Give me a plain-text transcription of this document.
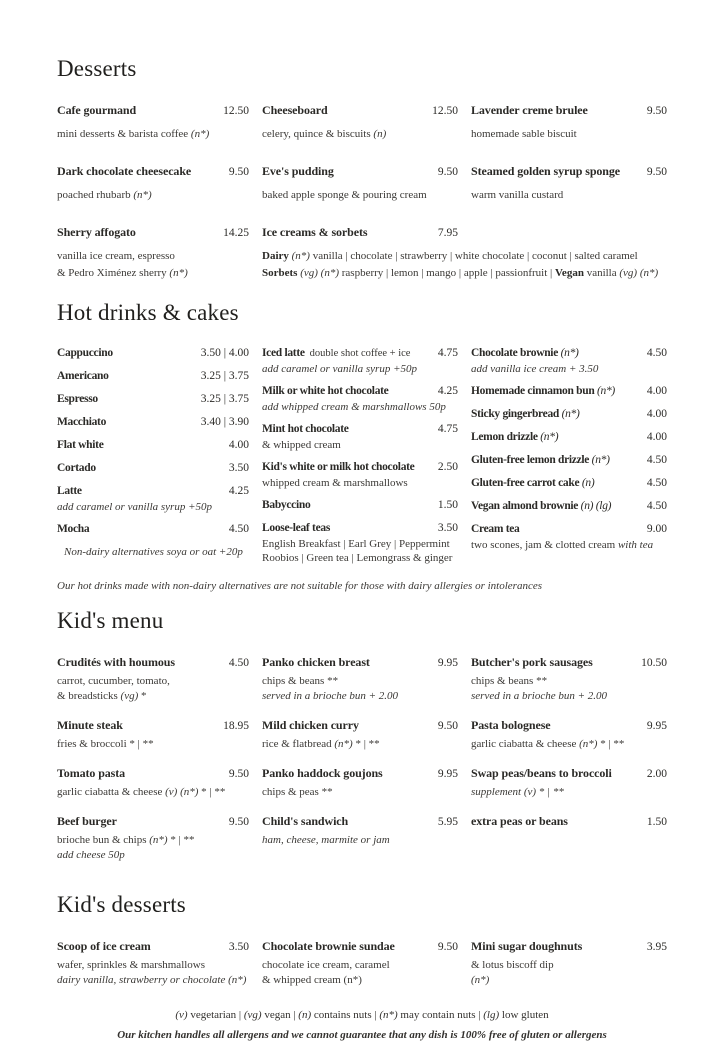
Desserts
Cafe gourmand	12.50
mini desserts & barista coffee (n*)
Cheeseboard	12.50
celery, quince & biscuits (n)
Lavender creme brulee	9.50
homemade sable biscuit
Dark chocolate cheesecake	9.50
poached rhubarb (n*)
Eve's pudding	9.50
baked apple sponge & pouring cream
Steamed golden syrup sponge	9.50
warm vanilla custard
Sherry affogato	14.25
vanilla ice cream, espresso
& Pedro Ximénez sherry (n*)
Ice creams & sorbets	7.95
Dairy (n*) vanilla | chocolate | strawberry | white chocolate | coconut | salted caramel
Sorbets (vg) (n*) raspberry | lemon | mango | apple | passionfruit | Vegan vanilla (vg) (n*)
Hot drinks & cakes
Cappuccino	3.50 | 4.00
Americano	3.25 | 3.75
Espresso	3.25 | 3.75
Macchiato	3.40 | 3.90
Flat white	4.00
Cortado	3.50
Latte	4.25
add caramel or vanilla syrup +50p
Mocha	4.50
Non-dairy alternatives soya or oat +20p
Iced latte double shot coffee + ice	4.75
add caramel or vanilla syrup +50p
Milk or white hot chocolate	4.25
add whipped cream & marshmallows 50p
Mint hot chocolate	4.75
& whipped cream
Kid's white or milk hot chocolate	2.50
whipped cream & marshmallows
Babyccino	1.50
Loose-leaf teas	3.50
English Breakfast | Earl Grey | Peppermint
Roobios | Green tea | Lemongrass & ginger
Chocolate brownie (n*)	4.50
add vanilla ice cream + 3.50
Homemade cinnamon bun (n*)	4.00
Sticky gingerbread (n*)	4.00
Lemon drizzle (n*)	4.00
Gluten-free lemon drizzle (n*)	4.50
Gluten-free carrot cake (n)	4.50
Vegan almond brownie (n) (lg)	4.50
Cream tea	9.00
two scones, jam & clotted cream with tea

Our hot drinks made with non-dairy alternatives are not suitable for those with dairy allergies or intolerances

Kid's menu
Crudités with houmous	4.50
carrot, cucumber, tomato,
& breadsticks (vg) *
Minute steak	18.95
fries & broccoli * | **
Tomato pasta	9.50
garlic ciabatta & cheese (v) (n*) * | **
Beef burger	9.50
brioche bun & chips (n*) * | **
add cheese 50p
Panko chicken breast	9.95
chips & beans **
served in a brioche bun + 2.00
Mild chicken curry	9.50
rice & flatbread (n*) * | **
Panko haddock goujons	9.95
chips & peas **
Child's sandwich	5.95
ham, cheese, marmite or jam
Butcher's pork sausages	10.50
chips & beans **
served in a brioche bun + 2.00
Pasta bolognese	9.95
garlic ciabatta & cheese (n*) * | **
Swap peas/beans to broccoli	2.00
supplement (v) * | **
extra peas or beans	1.50
Kid's desserts
Scoop of ice cream	3.50
wafer, sprinkles & marshmallows
dairy vanilla, strawberry or chocolate (n*)
Chocolate brownie sundae	9.50
chocolate ice cream, caramel
& whipped cream (n*)
Mini sugar doughnuts	3.95
& lotus biscoff dip
(n*)

(v) vegetarian | (vg) vegan | (n) contains nuts | (n*) may contain nuts | (lg) low gluten

Our kitchen handles all allergens and we cannot guarantee that any dish is 100% free of gluten or allergens
